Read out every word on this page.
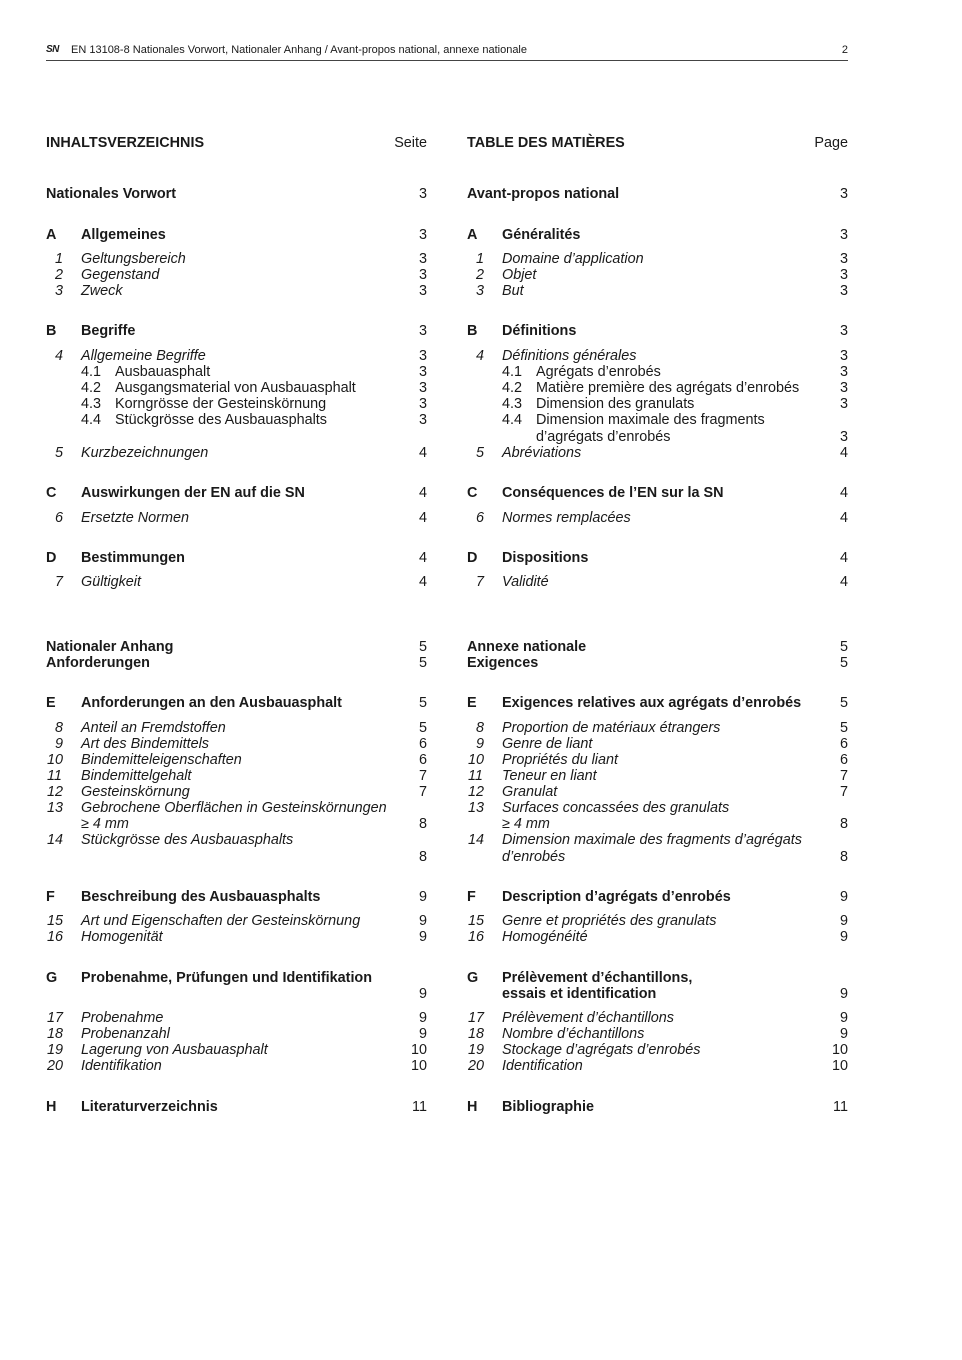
SN EN 13108-8 Nationales Vorwort, Nationaler Anhang / Avant-propos national, annexe nationale	2
INHALTSVERZEICHNIS	Seite
Nationales Vorwort	3
A Allgemeines	3
1 Geltungsbereich	3
2 Gegenstand	3
3 Zweck	3
B Begriffe	3
4 Allgemeine Begriffe	3
4.1 Ausbauasphalt	3
4.2 Ausgangsmaterial von Ausbauasphalt	3
4.3 Korngrösse der Gesteinskörnung	3
4.4 Stückgrösse des Ausbauasphalts	3
5 Kurzbezeichnungen	4
C Auswirkungen der EN auf die SN	4
6 Ersetzte Normen	4
D Bestimmungen	4
7 Gültigkeit	4
Nationaler Anhang	5
Anforderungen	5
E Anforderungen an den Ausbauasphalt	5
8 Anteil an Fremdstoffen	5
9 Art des Bindemittels	6
10 Bindemitteleigenschaften	6
11 Bindemittelgehalt	7
12 Gesteinskörnung	7
13 Gebrochene Oberflächen in Gesteinskörnungen
≥ 4 mm	8
14 Stückgrösse des Ausbauasphalts
8
F Beschreibung des Ausbauasphalts	9
15 Art und Eigenschaften der Gesteinskörnung	9
16 Homogenität	9
G Probenahme, Prüfungen und Identifikation
9
17 Probenahme	9
18 Probenanzahl	9
19 Lagerung von Ausbauasphalt	10
20 Identifikation	10
H Literaturverzeichnis	11
TABLE DES MATIÈRES	Page
Avant-propos national	3
A Généralités	3
1 Domaine d’application	3
2 Objet	3
3 But	3
B Définitions	3
4 Définitions générales	3
4.1 Agrégats d’enrobés	3
4.2 Matière première des agrégats d’enrobés	3
4.3 Dimension des granulats	3
4.4 Dimension maximale des fragments
d’agrégats d’enrobés	3
5 Abréviations	4
C Conséquences de l’EN sur la SN	4
6 Normes remplacées	4
D Dispositions	4
7 Validité	4
Annexe nationale	5
Exigences	5
E Exigences relatives aux agrégats d’enrobés	5
8 Proportion de matériaux étrangers	5
9 Genre de liant	6
10 Propriétés du liant	6
11 Teneur en liant	7
12 Granulat	7
13 Surfaces concassées des granulats
≥ 4 mm	8
14 Dimension maximale des fragments d’agrégats
d’enrobés	8
F Description d’agrégats d’enrobés	9
15 Genre et propriétés des granulats	9
16 Homogénéité	9
G Prélèvement d’échantillons,
essais et identification	9
17 Prélèvement d’échantillons	9
18 Nombre d’échantillons	9
19 Stockage d’agrégats d’enrobés	10
20 Identification	10
H Bibliographie	11
